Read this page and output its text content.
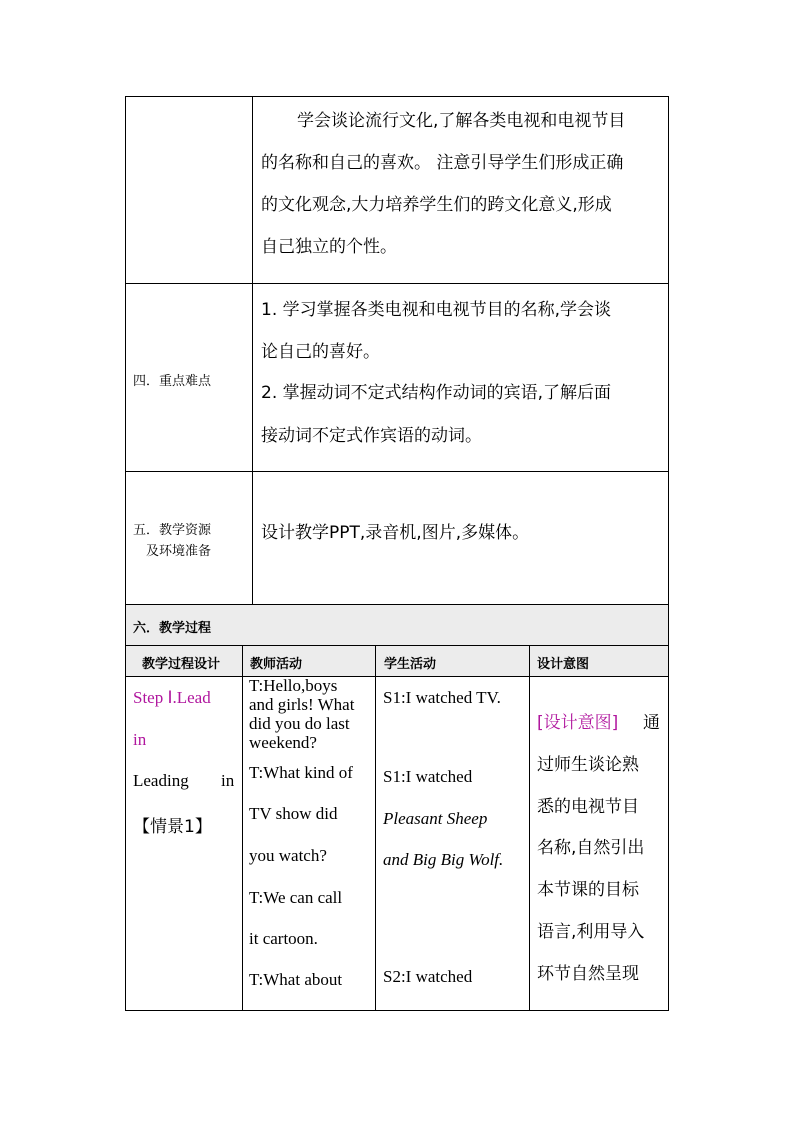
学会谈论流行文化,了解各类电视和电视节目
的名称和自己的喜欢。 注意引导学生们形成正确
的文化观念,大力培养学生们的跨文化意义,形成
自己独立的个性。
四．重点难点
1. 学习掌握各类电视和电视节目的名称,学会谈
论自己的喜好。
2. 掌握动词不定式结构作动词的宾语,了解后面
接动词不定式作宾语的动词。
五．教学资源
及环境准备
设计教学PPT,录音机,图片,多媒体。
六．教学过程
教学过程设计 教师活动	学生活动	设计意图
Step Ⅰ.Lead
in
Leading in
【情景1】
T:Hello,boys
and girls! What
did you do last
weekend?
T:What kind of
TV show did
you watch?
T:We can call
it cartoon.
T:What about
S1:I watched TV.
S1:I watched
Pleasant Sheep
and Big Big Wolf.
S2:I watched
[设计意图] 通
过师生谈论熟
悉的电视节目
名称,自然引出
本节课的目标
语言,利用导入
环节自然呈现
